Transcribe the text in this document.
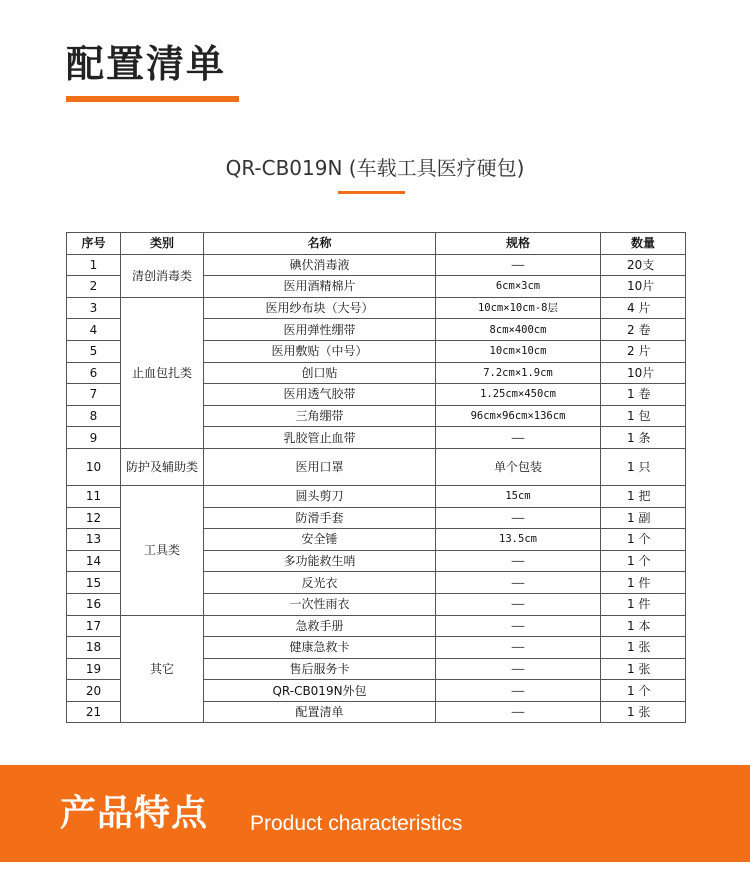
配置清单
QR-CB019N (车载工具医疗硬包)
序号	类别	名称	规格	数量
1	清创消毒类	碘伏消毒液	——	20支
2		医用酒精棉片	6cm×3cm	10片
3	止血包扎类	医用纱布块（大号）	10cm×10cm-8层	4 片
4		医用弹性绷带	8cm×400cm	2 卷
5		医用敷贴（中号）	10cm×10cm	2 片
6		创口贴	7.2cm×1.9cm	10片
7		医用透气胶带	1.25cm×450cm	1 卷
8		三角绷带	96cm×96cm×136cm	1 包
9		乳胶管止血带	——	1 条
10	防护及辅助类	医用口罩	单个包装	1 只
11	工具类	圆头剪刀	15cm	1 把
12		防滑手套	——	1 副
13		安全锤	13.5cm	1 个
14		多功能救生哨	——	1 个
15		反光衣	——	1 件
16		一次性雨衣	——	1 件
17	其它	急救手册	——	1 本
18		健康急救卡	——	1 张
19		售后服务卡	——	1 张
20		QR-CB019N外包	——	1 个
21		配置清单	——	1 张
产品特点 Product characteristics
